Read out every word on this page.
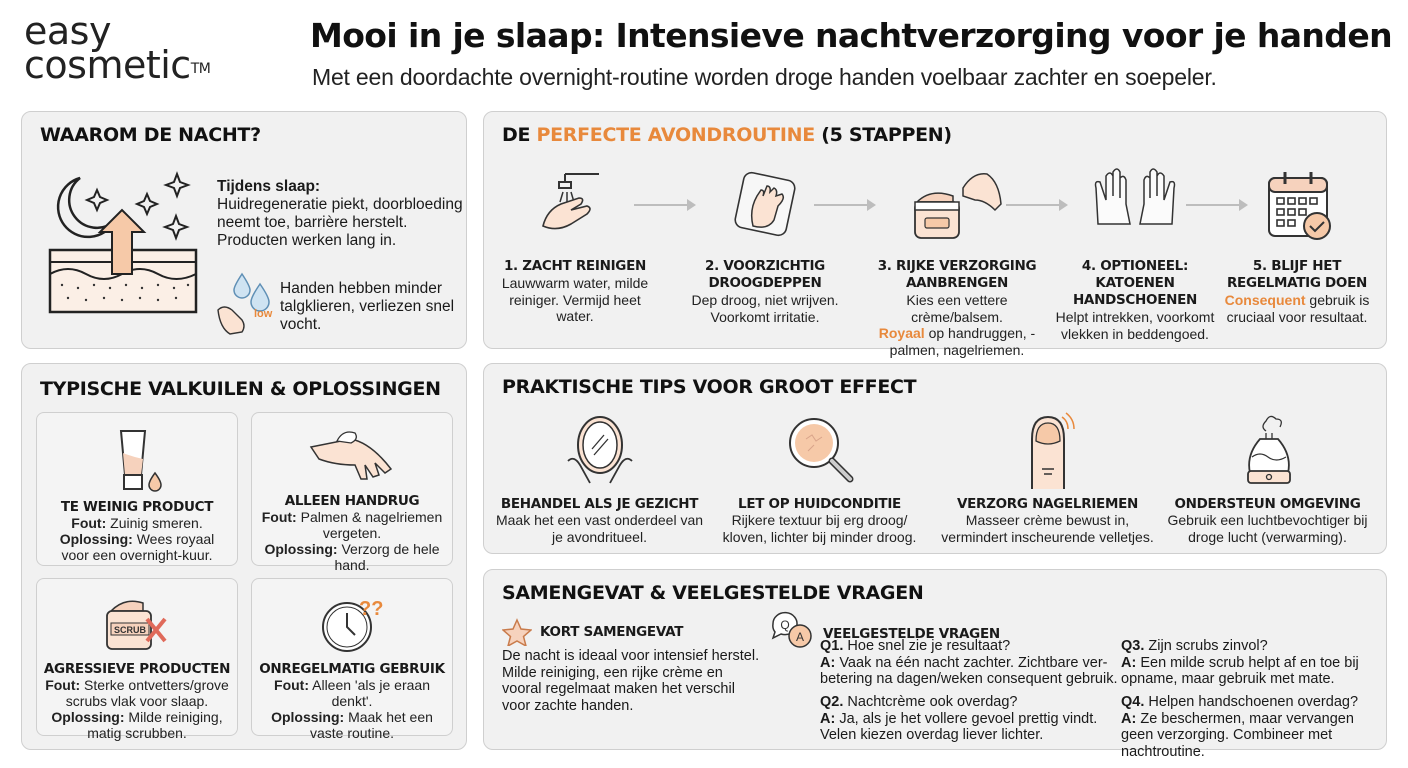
easy
cosmetic™
Mooi in je slaap: Intensieve nachtverzorging voor je handen
Met een doordachte overnight-routine worden droge handen voelbaar zachter en soepeler.
WAAROM DE NACHT?
Tijdens slaap:
Huidregeneratie piekt, doorbloeding neemt toe, barrière herstelt. Producten werken lang in.
low
Handen hebben minder talgklieren, verliezen snel vocht.
DE PERFECTE AVONDROUTINE (5 STAPPEN)
1. ZACHT REINIGEN
Lauwwarm water, milde reiniger. Vermijd heet water.
2. VOORZICHTIG DROOGDEPPEN
Dep droog, niet wrijven. Voorkomt irritatie.
3. RIJKE VERZORGING AANBRENGEN
Kies een vettere crème/balsem.
Royaal op handruggen, -palmen, nagelriemen.
4. OPTIONEEL: KATOENEN HANDSCHOENEN
Helpt intrekken, voorkomt vlekken in beddengoed.
5. BLIJF HET REGELMATIG DOEN
Consequent gebruik is cruciaal voor resultaat.
TYPISCHE VALKUILEN & OPLOSSINGEN
TE WEINIG PRODUCT
Fout: Zuinig smeren.
Oplossing: Wees royaal voor een overnight-kuur.
ALLEEN HANDRUG
Fout: Palmen & nagelriemen vergeten.
Oplossing: Verzorg de hele hand.
SCRUB
AGRESSIEVE PRODUCTEN
Fout: Sterke ontvetters/grove scrubs vlak voor slaap.
Oplossing: Milde reiniging, matig scrubben.
??
ONREGELMATIG GEBRUIK
Fout: Alleen 'als je eraan denkt'.
Oplossing: Maak het een vaste routine.
PRAKTISCHE TIPS VOOR GROOT EFFECT
BEHANDEL ALS JE GEZICHT
Maak het een vast onderdeel van je avondritueel.
LET OP HUIDCONDITIE
Rijkere textuur bij erg droog/ kloven, lichter bij minder droog.
VERZORG NAGELRIEMEN
Masseer crème bewust in, vermindert inscheurende velletjes.
ONDERSTEUN OMGEVING
Gebruik een luchtbevochtiger bij droge lucht (verwarming).
SAMENGEVAT & VEELGESTELDE VRAGEN
KORT SAMENGEVAT
De nacht is ideaal voor intensief herstel. Milde reiniging, een rijke crème en vooral regelmaat maken het verschil voor zachte handen.
Q
A VEELGESTELDE VRAGEN
Q1. Hoe snel zie je resultaat?
A: Vaak na één nacht zachter. Zichtbare ver-betering na dagen/weken consequent gebruik.
Q2. Nachtcrème ook overdag?
A: Ja, als je het vollere gevoel prettig vindt. Velen kiezen overdag liever lichter.
Q3. Zijn scrubs zinvol?
A: Een milde scrub helpt af en toe bij opname, maar gebruik met mate.
Q4. Helpen handschoenen overdag?
A: Ze beschermen, maar vervangen geen verzorging. Combineer met nachtroutine.
